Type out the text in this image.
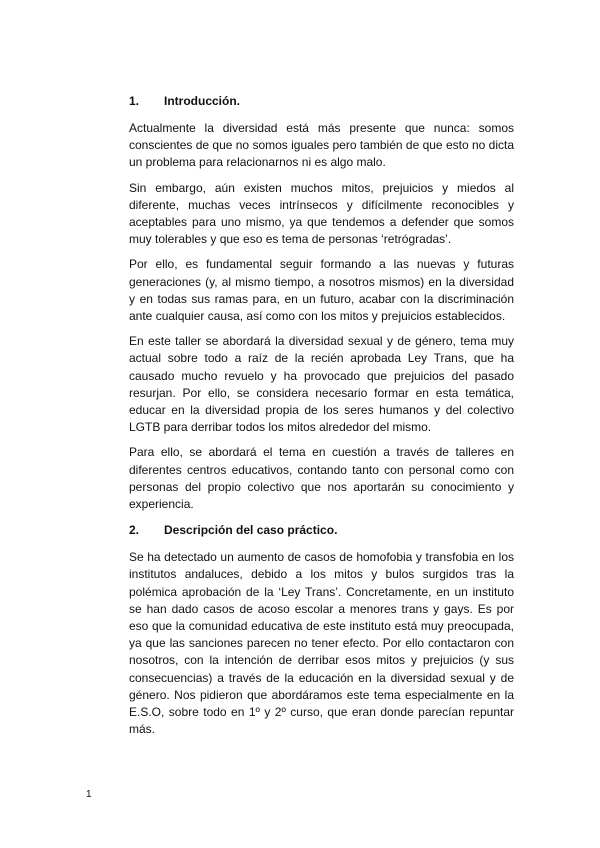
1.	Introducción.

Actualmente la diversidad está más presente que nunca: somos conscientes de que no somos iguales pero también de que esto no dicta un problema para relacionarnos ni es algo malo.

Sin embargo, aún existen muchos mitos, prejuicios y miedos al diferente, muchas veces intrínsecos y difícilmente reconocibles y aceptables para uno mismo, ya que tendemos a defender que somos muy tolerables y que eso es tema de personas ‘retrógradas’.

Por ello, es fundamental seguir formando a las nuevas y futuras generaciones (y, al mismo tiempo, a nosotros mismos) en la diversidad y en todas sus ramas para, en un futuro, acabar con la discriminación ante cualquier causa, así como con los mitos y prejuicios establecidos.

En este taller se abordará la diversidad sexual y de género, tema muy actual sobre todo a raíz de la recién aprobada Ley Trans, que ha causado mucho revuelo y ha provocado que prejuicios del pasado resurjan. Por ello, se considera necesario formar en esta temática, educar en la diversidad propia de los seres humanos y del colectivo LGTB para derribar todos los mitos alrededor del mismo.

Para ello, se abordará el tema en cuestión a través de talleres en diferentes centros educativos, contando tanto con personal como con personas del propio colectivo que nos aportarán su conocimiento y experiencia.

2.	Descripción del caso práctico.

Se ha detectado un aumento de casos de homofobia y transfobia en los institutos andaluces, debido a los mitos y bulos surgidos tras la polémica aprobación de la ‘Ley Trans’. Concretamente, en un instituto se han dado casos de acoso escolar a menores trans y gays. Es por eso que la comunidad educativa de este instituto está muy preocupada, ya que las sanciones parecen no tener efecto. Por ello contactaron con nosotros, con la intención de derribar esos mitos y prejuicios (y sus consecuencias) a través de la educación en la diversidad sexual y de género. Nos pidieron que abordáramos este tema especialmente en la E.S.O, sobre todo en 1º y 2º curso, que eran donde parecían repuntar más.

1
